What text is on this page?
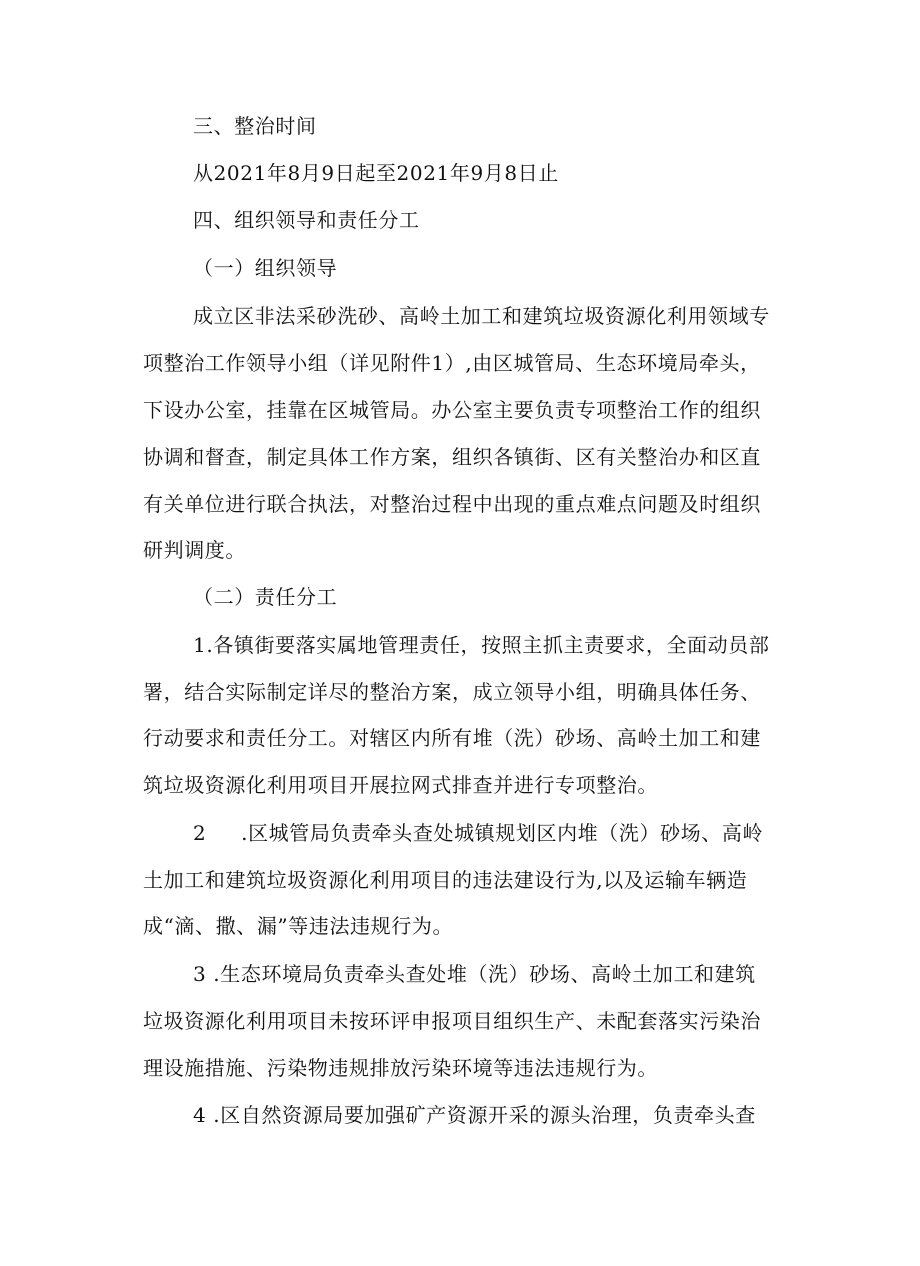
三、整治时间
从2021年8月9日起至2021年9月8日止
四、组织领导和责任分工
（一）组织领导
成立区非法采砂洗砂、高岭土加工和建筑垃圾资源化利用领域专
项整治工作领导小组（详见附件1）,由区城管局、生态环境局牵头，
下设办公室，挂靠在区城管局。办公室主要负责专项整治工作的组织
协调和督查，制定具体工作方案，组织各镇街、区有关整治办和区直
有关单位进行联合执法，对整治过程中出现的重点难点问题及时组织
研判调度。
（二）责任分工
1.各镇街要落实属地管理责任，按照主抓主责要求，全面动员部
署，结合实际制定详尽的整治方案，成立领导小组，明确具体任务、
行动要求和责任分工。对辖区内所有堆（洗）砂场、高岭土加工和建
筑垃圾资源化利用项目开展拉网式排查并进行专项整治。
2     .区城管局负责牵头查处城镇规划区内堆（洗）砂场、高岭
土加工和建筑垃圾资源化利用项目的违法建设行为,以及运输车辆造
成“滴、撒、漏”等违法违规行为。
3 .生态环境局负责牵头查处堆（洗）砂场、高岭土加工和建筑
垃圾资源化利用项目未按环评申报项目组织生产、未配套落实污染治
理设施措施、污染物违规排放污染环境等违法违规行为。
4 .区自然资源局要加强矿产资源开采的源头治理，负责牵头查
